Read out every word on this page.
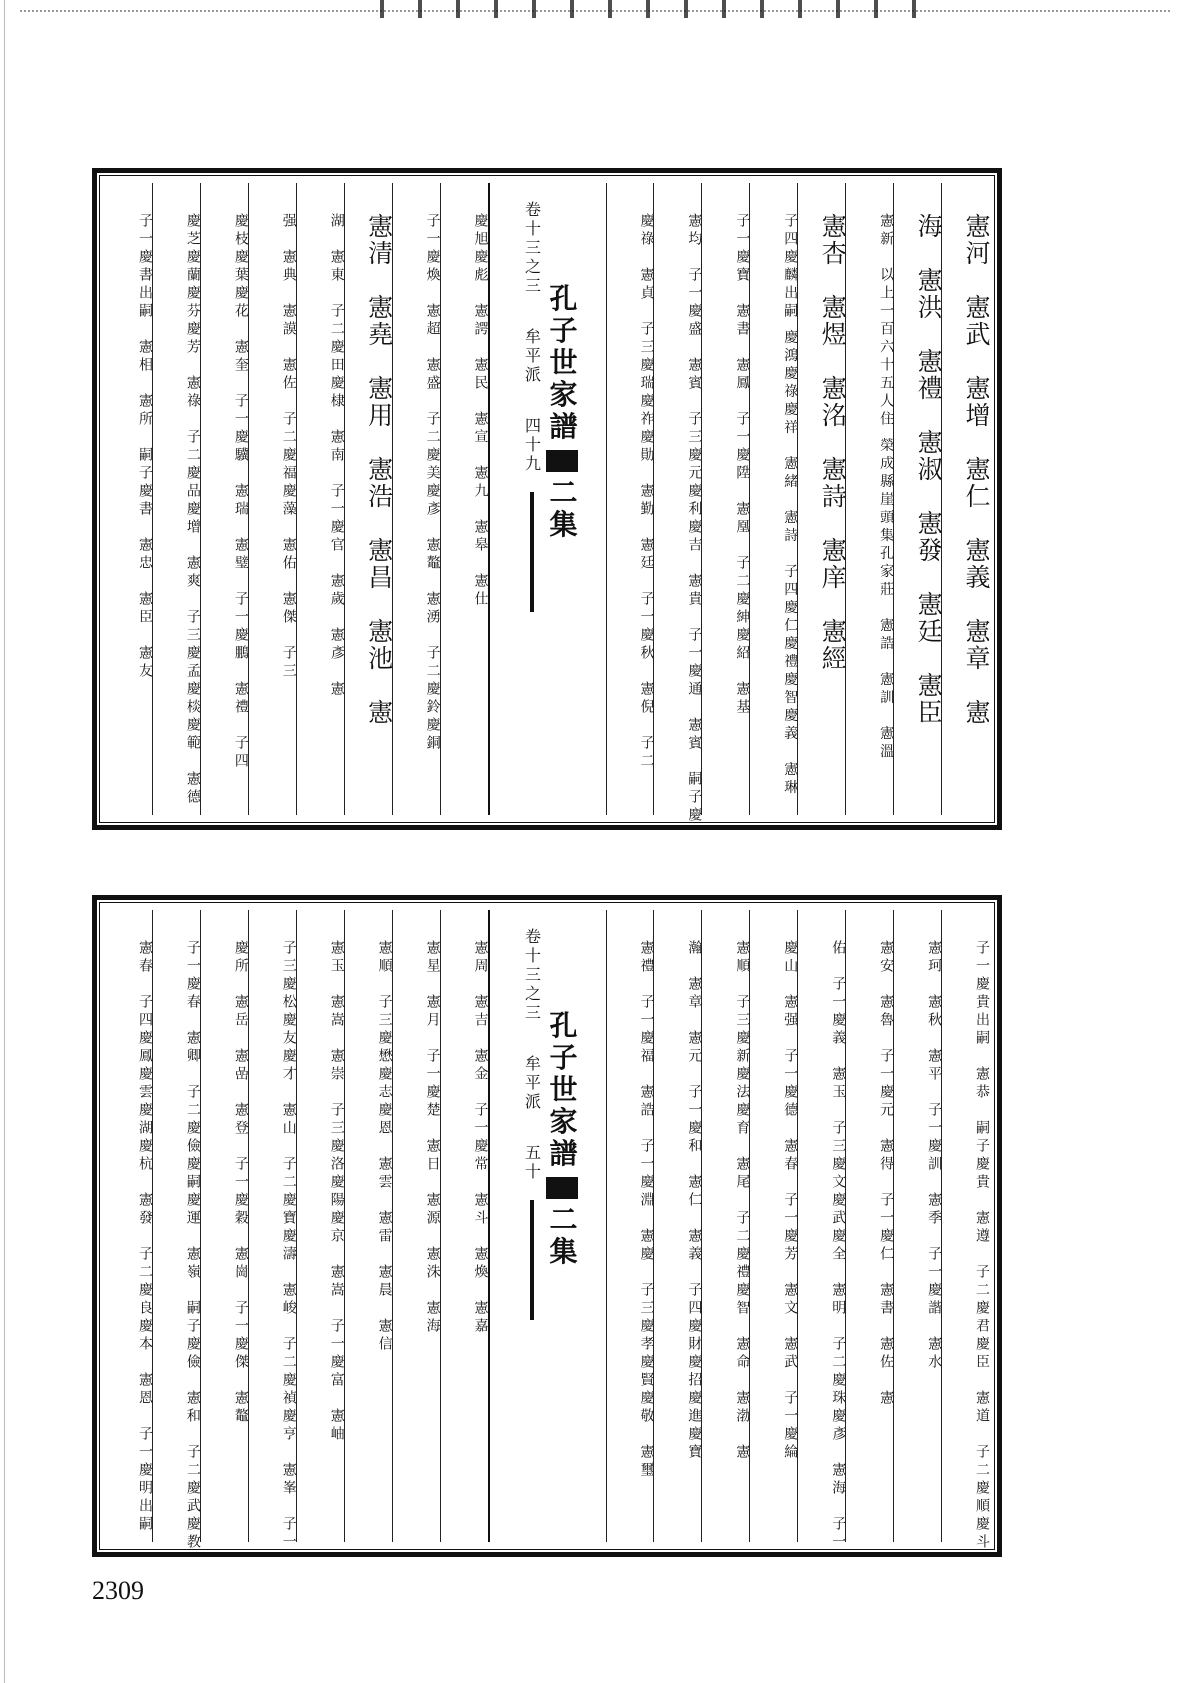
憲河　憲武　憲增　憲仁　憲義　憲章　憲
海　憲洪　憲禮　憲淑　憲發　憲廷　憲臣
憲新　以上一百六十五人住 榮成縣崖頭集孔家莊　憲誥　憲訓　憲溫
憲杏　憲煜　憲洺　憲詩　憲庠　憲經
子四慶麟出嗣 慶鴻慶祿慶祥　憲緒　憲詩　子四慶仁慶禮慶智慶義　憲琳
子一慶寶　憲書　憲鳳　子一慶陞　憲凰　子二慶紳慶紹　憲基
憲均　子一慶盛　憲賓　子三慶元慶利慶吉　憲貴　子一慶通　憲賓　嗣子慶
慶祿　憲貞　子三慶瑞慶祚慶勛　憲勤　憲廷　子一慶秋　憲倪　子二

孔子世家譜二集
卷十三之三　牟平派　四十九

慶旭慶彪　憲諤　憲民　憲宣　憲九　憲皋　憲仕
子一慶煥　憲超　憲盛　子二慶美慶彥　憲鼇　憲湧　子二慶鈴慶銅
憲清　憲堯　憲用　憲浩　憲昌　憲池　憲
湖　憲東　子二慶田慶棣　憲南　子一慶官　憲歲　憲彥　憲
强　憲典　憲謨　憲佐　子二慶福慶藻　憲佑　憲傑　子三
慶枝慶葉慶花　憲奎　子一慶驥　憲瑞　憲璧　子一慶鵬　憲禮　子四
慶芝慶蘭慶芬慶芳　憲祿　子二慶品慶增　憲爽　子三慶孟慶棪慶範　憲德
子一慶書出嗣　憲相　憲所　嗣子慶書　憲忠　憲臣　憲友
子一慶貴出嗣　憲恭　嗣子慶貴　憲遵　子二慶君慶臣　憲道　子二慶順慶斗
憲珂　憲秋　憲平　子一慶訓　憲季　子一慶諧　憲水
憲安　憲魯　子一慶元　憲得　子一慶仁　憲書　憲佐　憲
佑　子一慶義　憲玉　子三慶文慶武慶全　憲明　子二慶珠慶彥　憲海　子一
慶山　憲强　子一慶德　憲春　子一慶芳　憲文　憲武　子一慶綸
憲順　子三慶新慶法慶育　憲尾　子二慶禮慶智　憲命　憲渤　憲
瀚　憲章　憲元　子一慶和　憲仁　憲義　子四慶財慶招慶進慶寶
憲禮　子一慶福　憲誥　子一慶淵　憲慶　子三慶孝慶賢慶敬　憲璽

孔子世家譜二集
卷十三之三　牟平派　五十

憲周　憲吉　憲金　子一慶常　憲斗　憲煥　憲嘉
憲星　憲月　子一慶楚　憲日　憲源　憲洙　憲海
憲順　子三慶懋慶志慶恩　憲雲　憲雷　憲晨　憲信
憲玉　憲嵩　憲崇　子三慶洛慶陽慶京　憲嵩　子一慶富　憲岫
子三慶松慶友慶才　憲山　子二慶寶慶濤　憲峻　子二慶禎慶亨　憲峯　子一
慶所　憲岳　憲嵒　憲登　子一慶穀　憲崗　子一慶傑　憲鼇
子一慶春　憲卿　子二慶儉慶嗣慶運　憲嶺　嗣子慶儉　憲和　子二慶武慶教
憲春　子四慶鳳慶雲慶湖慶杭　憲發　子二慶良慶本　憲恩　子一慶明出嗣
2309
